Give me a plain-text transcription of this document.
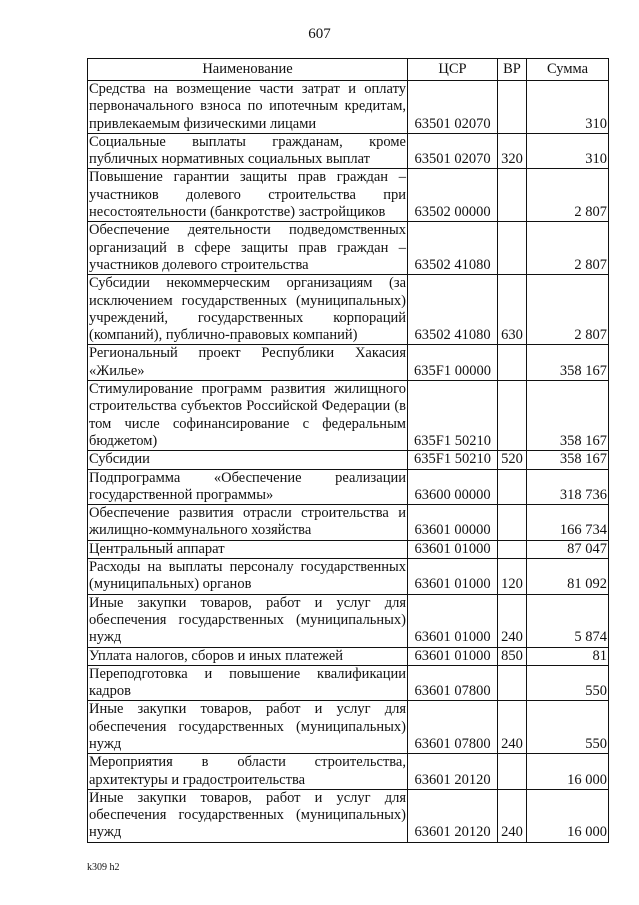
607
Наименование	ЦСР	ВР	Сумма
Средства на возмещение части затрат и оплату первоначального взноса по ипотечным кредитам, привлекаемым физическими лицами	63501 02070		310
Социальные выплаты гражданам, кроме публичных нормативных социальных выплат	63501 02070	320	310
Повышение гарантии защиты прав граждан – участников долевого строительства при несостоятельности (банкротстве) застройщиков	63502 00000		2 807
Обеспечение деятельности подведомственных организаций в сфере защиты прав граждан – участников долевого строительства	63502 41080		2 807
Субсидии некоммерческим организациям (за исключением государственных (муниципальных) учреждений, государственных корпораций (компаний), публично-правовых компаний)	63502 41080	630	2 807
Региональный проект Республики Хакасия «Жилье»	635F1 00000		358 167
Стимулирование программ развития жилищного строительства субъектов Российской Федерации (в том числе софинансирование с федеральным бюджетом)	635F1 50210		358 167
Субсидии	635F1 50210	520	358 167
Подпрограмма «Обеспечение реализации государственной программы»	63600 00000		318 736
Обеспечение развития отрасли строительства и жилищно-коммунального хозяйства	63601 00000		166 734
Центральный аппарат	63601 01000		87 047
Расходы на выплаты персоналу государственных (муниципальных) органов	63601 01000	120	81 092
Иные закупки товаров, работ и услуг для обеспечения государственных (муниципальных) нужд	63601 01000	240	5 874
Уплата налогов, сборов и иных платежей	63601 01000	850	81
Переподготовка и повышение квалификации кадров	63601 07800		550
Иные закупки товаров, работ и услуг для обеспечения государственных (муниципальных) нужд	63601 07800	240	550
Мероприятия в области строительства, архитектуры и градостроительства	63601 20120		16 000
Иные закупки товаров, работ и услуг для обеспечения государственных (муниципальных) нужд	63601 20120	240	16 000
k309 h2
